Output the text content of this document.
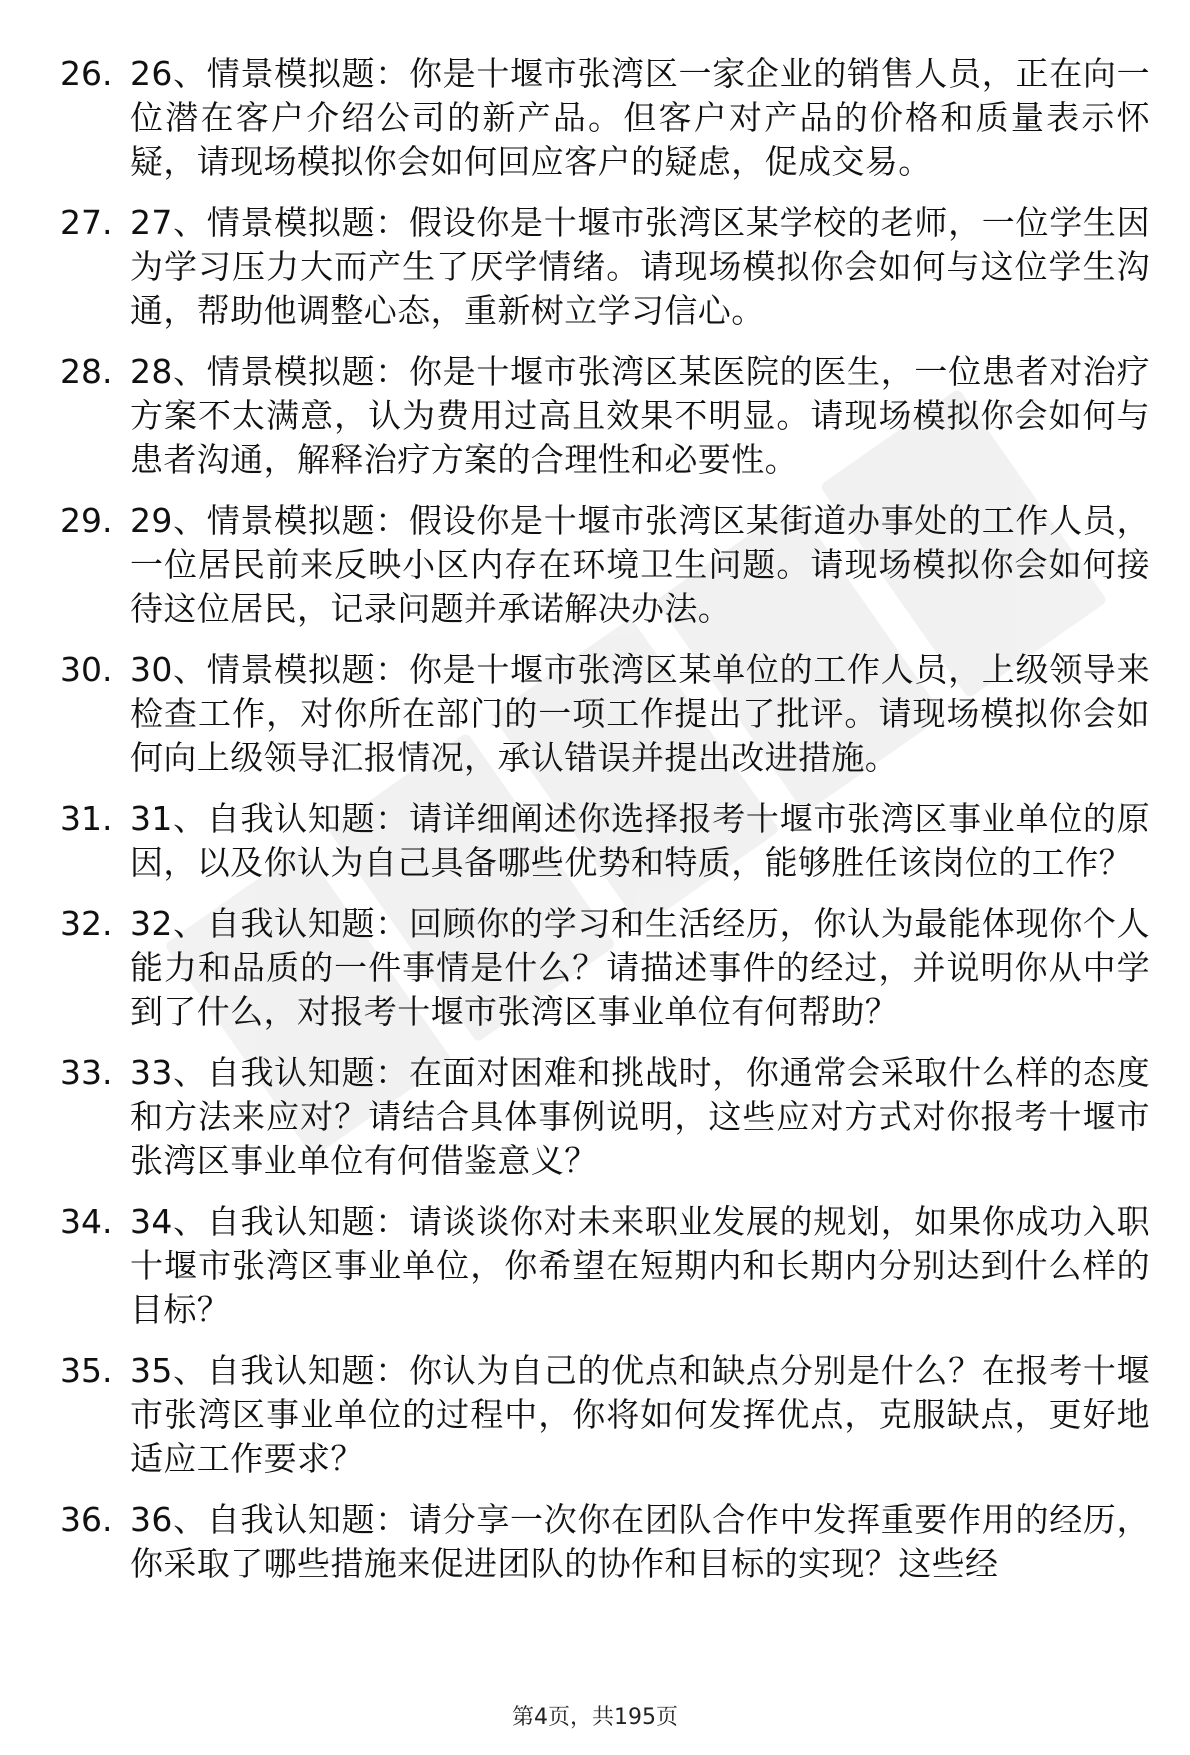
26. 26、情景模拟题：你是十堰市张湾区一家企业的销售人员，正在向一位潜在客户介绍公司的新产品。但客户对产品的价格和质量表示怀疑，请现场模拟你会如何回应客户的疑虑，促成交易。
27. 27、情景模拟题：假设你是十堰市张湾区某学校的老师，一位学生因为学习压力大而产生了厌学情绪。请现场模拟你会如何与这位学生沟通，帮助他调整心态，重新树立学习信心。
28. 28、情景模拟题：你是十堰市张湾区某医院的医生，一位患者对治疗方案不太满意，认为费用过高且效果不明显。请现场模拟你会如何与患者沟通，解释治疗方案的合理性和必要性。
29. 29、情景模拟题：假设你是十堰市张湾区某街道办事处的工作人员，一位居民前来反映小区内存在环境卫生问题。请现场模拟你会如何接待这位居民，记录问题并承诺解决办法。
30. 30、情景模拟题：你是十堰市张湾区某单位的工作人员，上级领导来检查工作，对你所在部门的一项工作提出了批评。请现场模拟你会如何向上级领导汇报情况，承认错误并提出改进措施。
31. 31、自我认知题：请详细阐述你选择报考十堰市张湾区事业单位的原因，以及你认为自己具备哪些优势和特质，能够胜任该岗位的工作？
32. 32、自我认知题：回顾你的学习和生活经历，你认为最能体现你个人能力和品质的一件事情是什么？请描述事件的经过，并说明你从中学到了什么，对报考十堰市张湾区事业单位有何帮助？
33. 33、自我认知题：在面对困难和挑战时，你通常会采取什么样的态度和方法来应对？请结合具体事例说明，这些应对方式对你报考十堰市张湾区事业单位有何借鉴意义？
34. 34、自我认知题：请谈谈你对未来职业发展的规划，如果你成功入职十堰市张湾区事业单位，你希望在短期内和长期内分别达到什么样的目标？
35. 35、自我认知题：你认为自己的优点和缺点分别是什么？在报考十堰市张湾区事业单位的过程中，你将如何发挥优点，克服缺点，更好地适应工作要求？
36. 36、自我认知题：请分享一次你在团队合作中发挥重要作用的经历，你采取了哪些措施来促进团队的协作和目标的实现？这些经
第4页，共195页
